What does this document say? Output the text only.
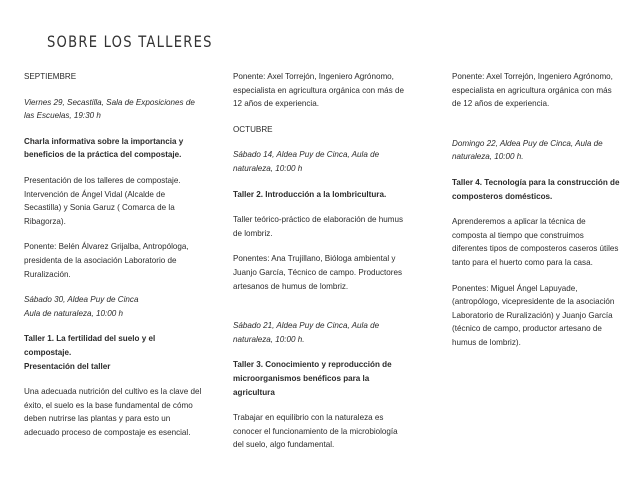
SOBRE LOS TALLERES

SEPTIEMBRE

Viernes 29, Secastilla, Sala de Exposiciones de las Escuelas, 19:30 h

Charla informativa sobre la importancia y beneficios de la práctica del compostaje.

Presentación de los talleres de compostaje. Intervención de Ángel Vidal (Alcalde de Secastilla) y Sonia Garuz ( Comarca de la Ribagorza).

Ponente: Belén Álvarez Grijalba, Antropóloga, presidenta de la asociación Laboratorio de Ruralización.

Sábado 30, Aldea Puy de Cinca

Aula de naturaleza, 10:00 h

Taller 1. La fertilidad del suelo y el compostaje.

Presentación del taller

Una adecuada nutrición del cultivo es la clave del éxito, el suelo es la base fundamental de cómo deben nutrirse las plantas y para esto un adecuado proceso de compostaje es esencial.

Ponente: Axel Torrejón, Ingeniero Agrónomo, especialista en agricultura orgánica con más de 12 años de experiencia.

OCTUBRE

Sábado 14, Aldea Puy de Cinca, Aula de naturaleza, 10:00 h

Taller 2. Introducción a la lombricultura.

Taller teórico-práctico de elaboración de humus de lombriz.

Ponentes: Ana Trujillano, Bióloga ambiental y Juanjo García, Técnico de campo. Productores artesanos de humus de lombriz.

Sábado 21, Aldea Puy de Cinca, Aula de naturaleza, 10:00 h.

Taller 3. Conocimiento y reproducción de microorganismos benéficos para la agricultura

Trabajar en equilibrio con la naturaleza es conocer el funcionamiento de la microbiología del suelo, algo fundamental.

Ponente: Axel Torrejón, Ingeniero Agrónomo, especialista en agricultura orgánica con más de 12 años de experiencia.

Domingo 22, Aldea Puy de Cinca, Aula de naturaleza, 10:00 h.

Taller 4. Tecnología para la construcción de composteros domésticos.

Aprenderemos a aplicar la técnica de composta al tiempo que construimos diferentes tipos de composteros caseros útiles tanto para el huerto como para la casa.

Ponentes: Miguel Ángel Lapuyade, (antropólogo, vicepresidente de la asociación Laboratorio de Ruralización) y Juanjo García (técnico de campo, productor artesano de humus de lombriz).
